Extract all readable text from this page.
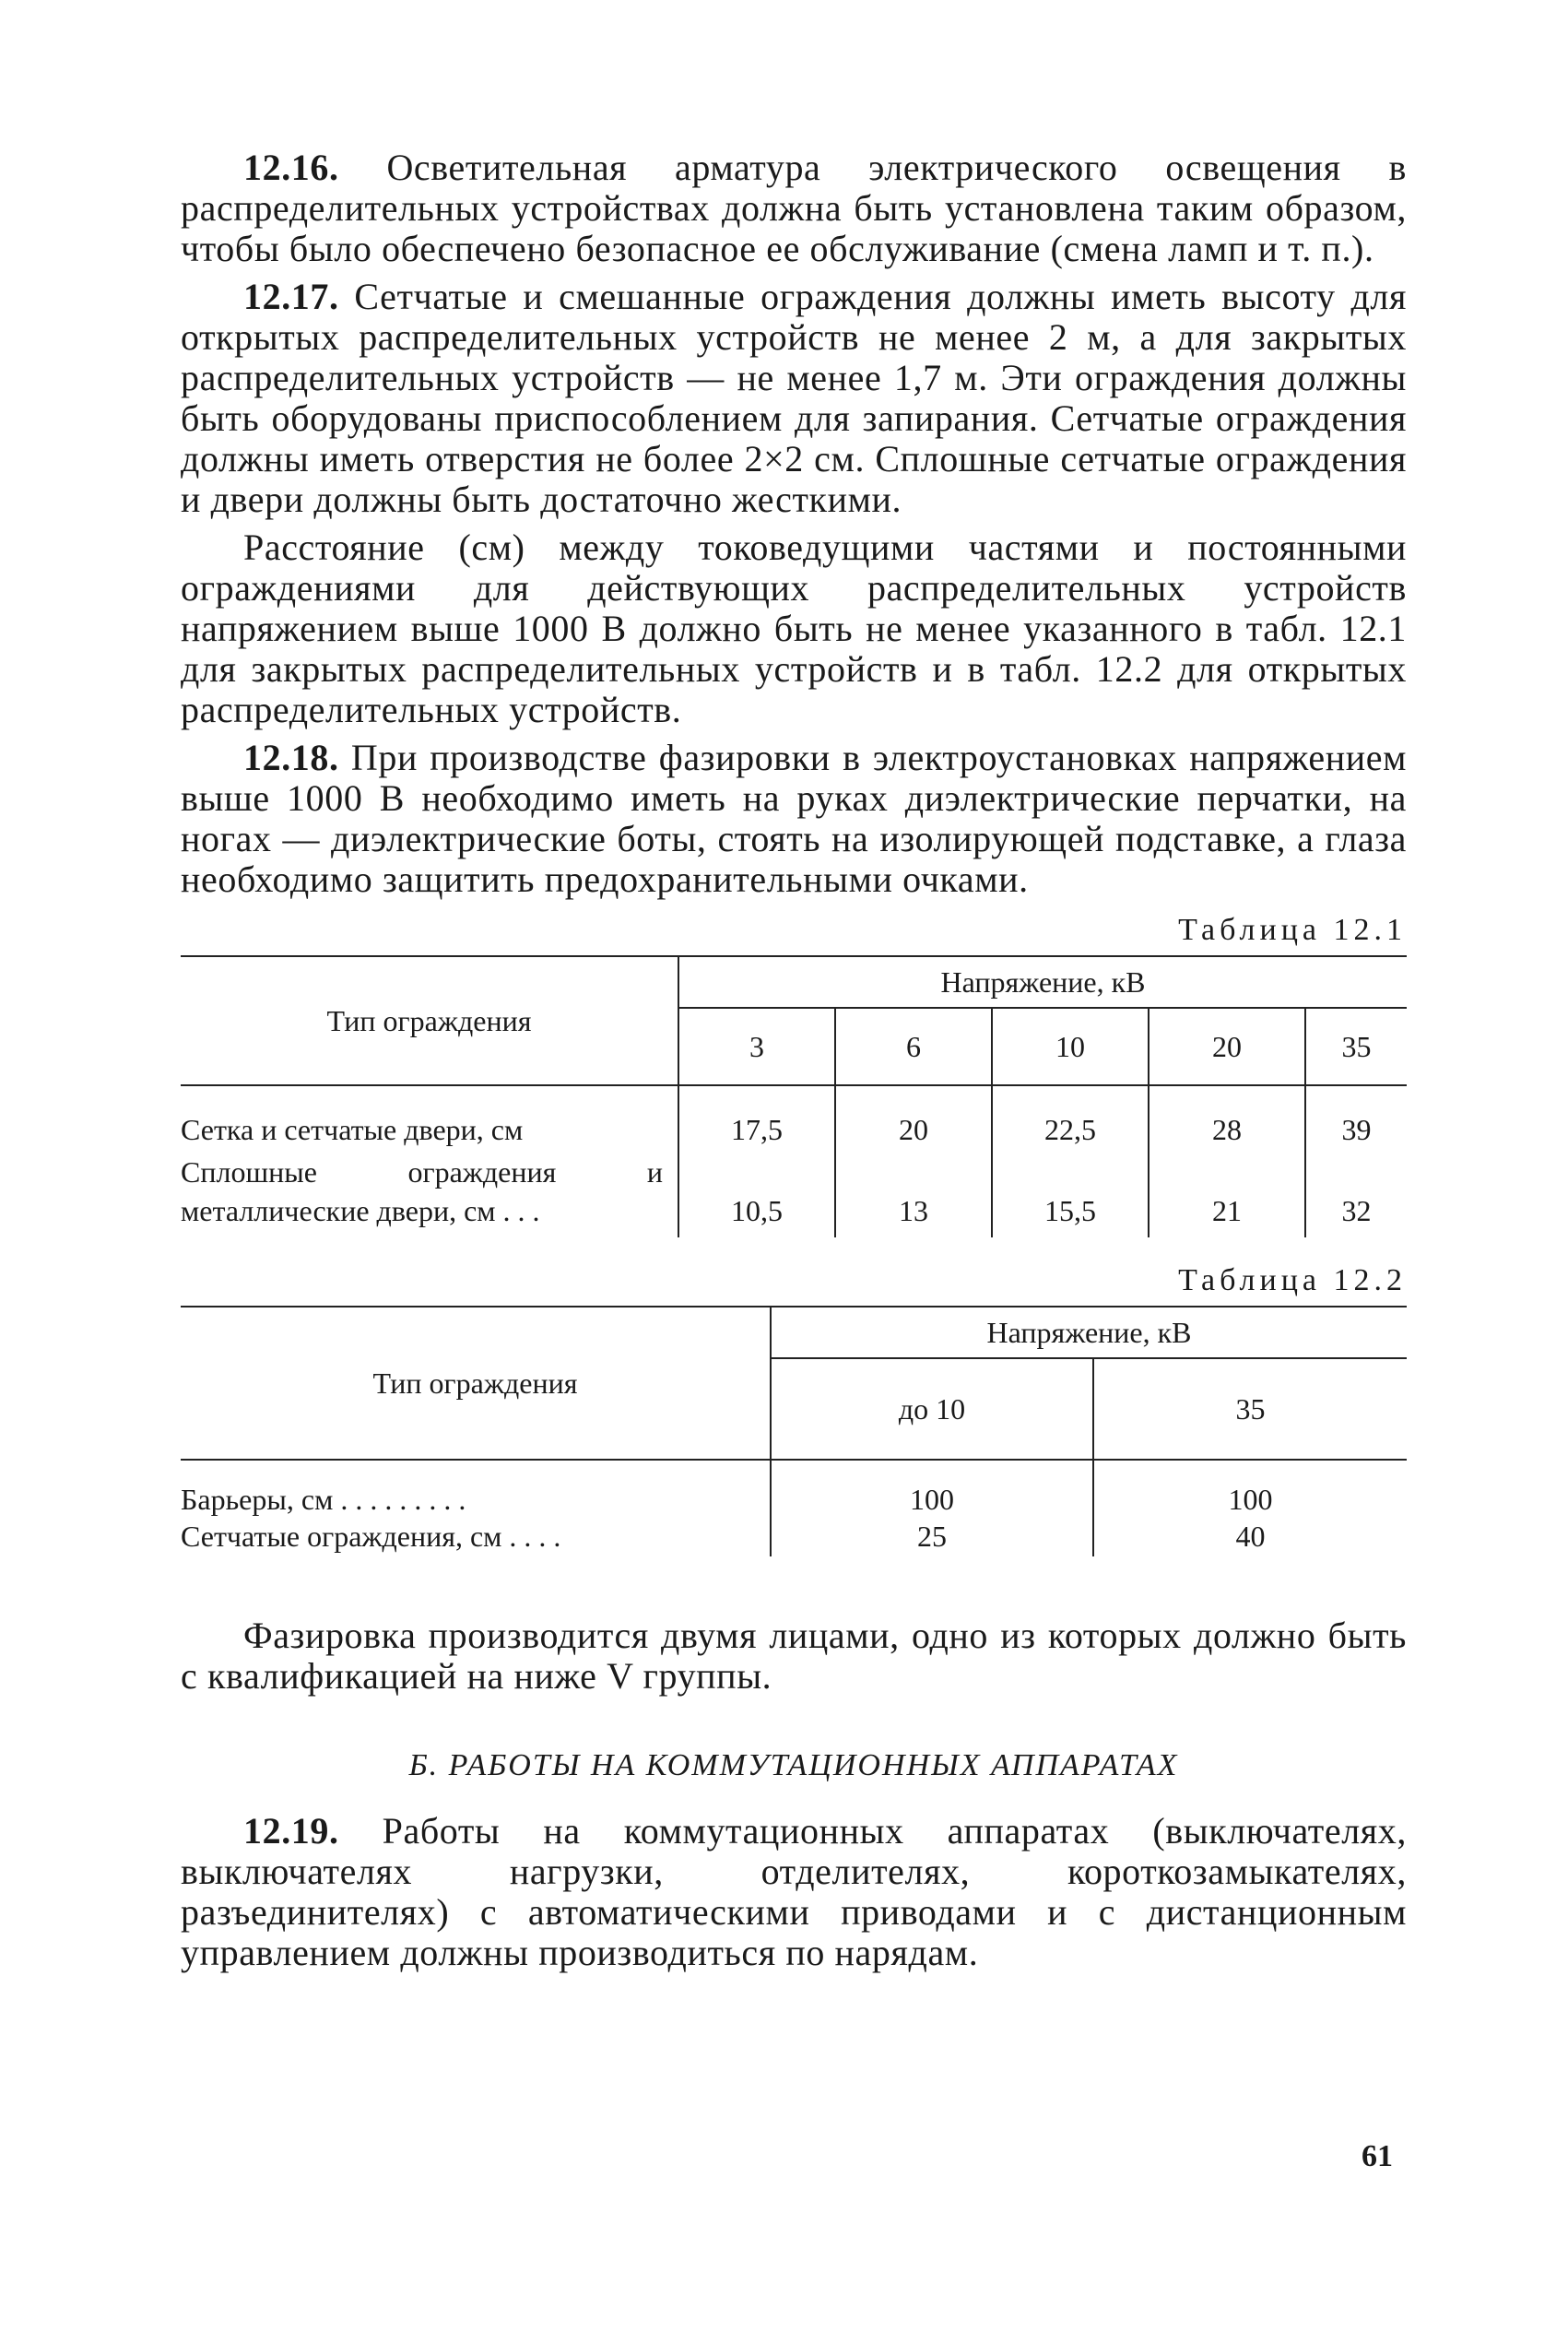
12.16. Осветительная арматура электрического освещения в распределительных устройствах должна быть установлена таким образом, чтобы было обеспечено безопасное ее обслуживание (смена ламп и т. п.).

12.17. Сетчатые и смешанные ограждения должны иметь высоту для открытых распределительных устройств не менее 2 м, а для закрытых распределительных устройств — не менее 1,7 м. Эти ограждения должны быть оборудованы приспособлением для запирания. Сетчатые ограждения должны иметь отверстия не более 2×2 см. Сплошные сетчатые ограждения и двери должны быть достаточно жесткими.

Расстояние (см) между токоведущими частями и постоянными ограждениями для действующих распределительных устройств напряжением выше 1000 В должно быть не менее указанного в табл. 12.1 для закрытых распределительных устройств и в табл. 12.2 для открытых распределительных устройств.

12.18. При производстве фазировки в электроустановках напряжением выше 1000 В необходимо иметь на руках диэлектрические перчатки, на ногах — диэлектрические боты, стоять на изолирующей подставке, а глаза необходимо защитить предохранительными очками.

Таблица 12.1
Тип ограждения	Напряжение, кВ				
	3	6	10	20	35
Сетка и сетчатые двери, см	17,5	20	22,5	28	39
Сплошные ограждения и металлические двери, см . . .	10,5	13	15,5	21	32
Таблица 12.2
Тип ограждения	Напряжение, кВ	
	до 10	35
Барьеры, см . . . . . . . . .	100	100
Сетчатые ограждения, см . . . .	25	40

Фазировка производится двумя лицами, одно из которых должно быть с квалификацией на ниже V группы.

Б. РАБОТЫ НА КОММУТАЦИОННЫХ АППАРАТАХ

12.19. Работы на коммутационных аппаратах (выключателях, выключателях нагрузки, отделителях, короткозамыкателях, разъединителях) с автоматическими приводами и с дистанционным управлением должны производиться по нарядам.

61
